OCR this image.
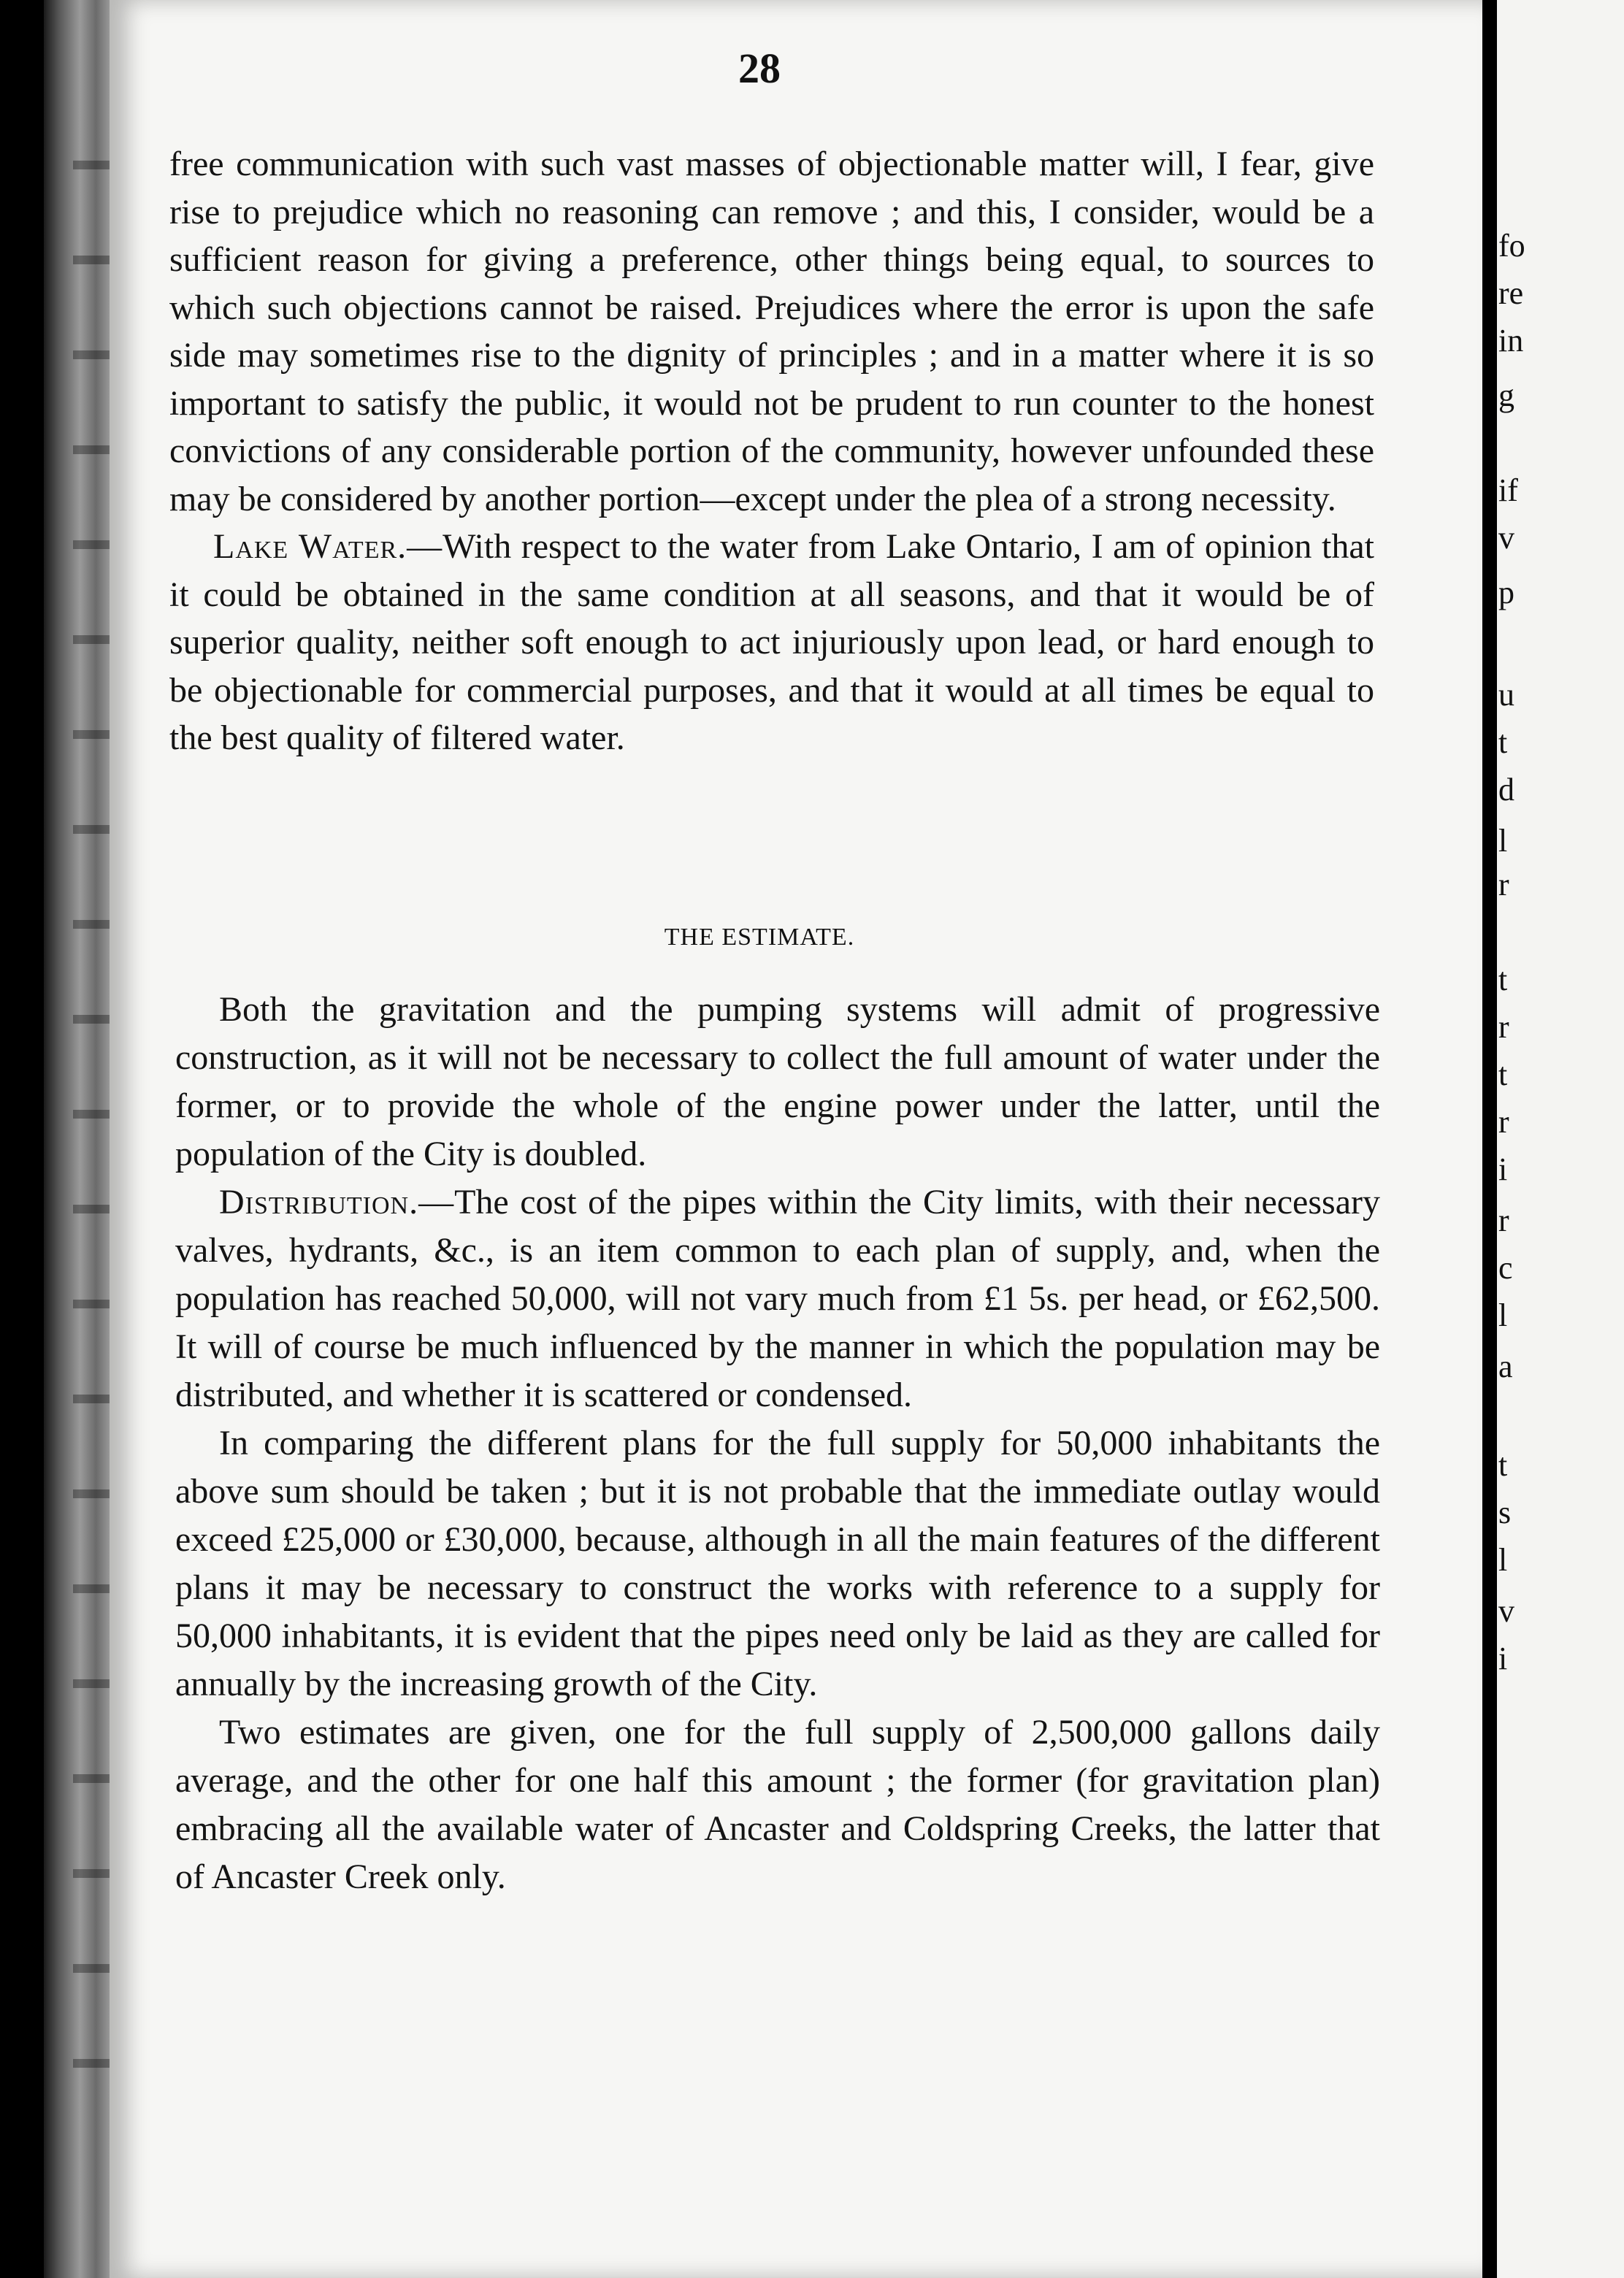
fo
re
in
g
if
v
p
u
t
d
l
r
t
r
t
r
i
r
c
l
a
t
s
l
v
i
28

free communication with such vast masses of objectionable matter will, I fear, give rise to prejudice which no reasoning can remove ; and this, I consider, would be a sufficient reason for giving a preference, other things being equal, to sources to which such objections cannot be raised. Prejudices where the error is upon the safe side may sometimes rise to the dignity of principles ; and in a matter where it is so important to satisfy the public, it would not be prudent to run counter to the honest convictions of any considerable portion of the community, however unfounded these may be considered by another portion—except under the plea of a strong necessity.

Lake Water.—With respect to the water from Lake Ontario, I am of opinion that it could be obtained in the same condition at all seasons, and that it would be of superior quality, neither soft enough to act injuriously upon lead, or hard enough to be objectionable for commercial purposes, and that it would at all times be equal to the best quality of filtered water.

THE ESTIMATE.

Both the gravitation and the pumping systems will admit of progressive construction, as it will not be necessary to collect the full amount of water under the former, or to provide the whole of the engine power under the latter, until the population of the City is doubled.

Distribution.—The cost of the pipes within the City limits, with their necessary valves, hydrants, &c., is an item common to each plan of supply, and, when the population has reached 50,000, will not vary much from £1 5s. per head, or £62,500. It will of course be much influenced by the manner in which the population may be distributed, and whether it is scattered or condensed.

In comparing the different plans for the full supply for 50,000 inhabitants the above sum should be taken ; but it is not probable that the immediate outlay would exceed £25,000 or £30,000, because, although in all the main features of the different plans it may be necessary to construct the works with reference to a supply for 50,000 inhabitants, it is evident that the pipes need only be laid as they are called for annually by the increasing growth of the City.

Two estimates are given, one for the full supply of 2,500,000 gallons daily average, and the other for one half this amount ; the former (for gravitation plan) embracing all the available water of Ancaster and Coldspring Creeks, the latter that of Ancaster Creek only.
